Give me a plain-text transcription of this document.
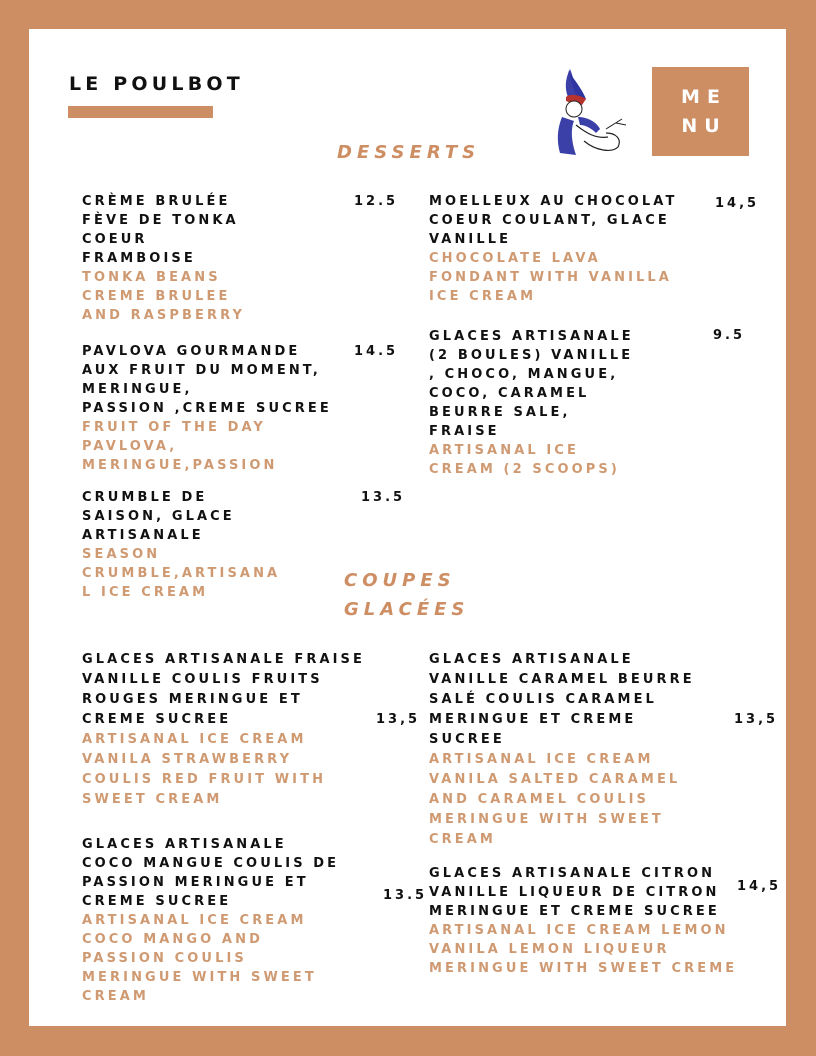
LE POULBOT
ME
NU
DESSERTS
CRÈME BRULÉE
FÈVE DE TONKA
COEUR
FRAMBOISE
TONKA BEANS
CREME BRULEE
AND RASPBERRY
12.5
PAVLOVA GOURMANDE
AUX FRUIT DU MOMENT,
MERINGUE,
PASSION ,CREME SUCREE
FRUIT OF THE DAY
PAVLOVA,
MERINGUE,PASSION
14.5
CRUMBLE DE
SAISON, GLACE
ARTISANALE
SEASON
CRUMBLE,ARTISANA
L ICE CREAM
13.5
MOELLEUX AU CHOCOLAT
COEUR COULANT, GLACE
VANILLE
CHOCOLATE LAVA
FONDANT WITH VANILLA
ICE CREAM
14,5
GLACES ARTISANALE
(2 BOULES) VANILLE
, CHOCO, MANGUE,
COCO, CARAMEL
BEURRE SALE,
FRAISE
ARTISANAL ICE
CREAM (2 SCOOPS)
9.5
COUPES
GLACÉES
GLACES ARTISANALE FRAISE
VANILLE COULIS FRUITS
ROUGES MERINGUE ET
CREME SUCREE
ARTISANAL ICE CREAM
VANILA STRAWBERRY
COULIS RED FRUIT WITH
SWEET CREAM
13,5
GLACES ARTISANALE
COCO MANGUE COULIS DE
PASSION MERINGUE ET
CREME SUCREE
ARTISANAL ICE CREAM
COCO MANGO AND
PASSION COULIS
MERINGUE WITH SWEET
CREAM
13.5
GLACES ARTISANALE
VANILLE CARAMEL BEURRE
SALÉ COULIS CARAMEL
MERINGUE ET CREME
SUCREE
ARTISANAL ICE CREAM
VANILA SALTED CARAMEL
AND CARAMEL COULIS
MERINGUE WITH SWEET
CREAM
13,5
GLACES ARTISANALE CITRON
VANILLE LIQUEUR DE CITRON
MERINGUE ET CREME SUCREE
ARTISANAL ICE CREAM LEMON
VANILA LEMON LIQUEUR
MERINGUE WITH SWEET CREME
14,5
